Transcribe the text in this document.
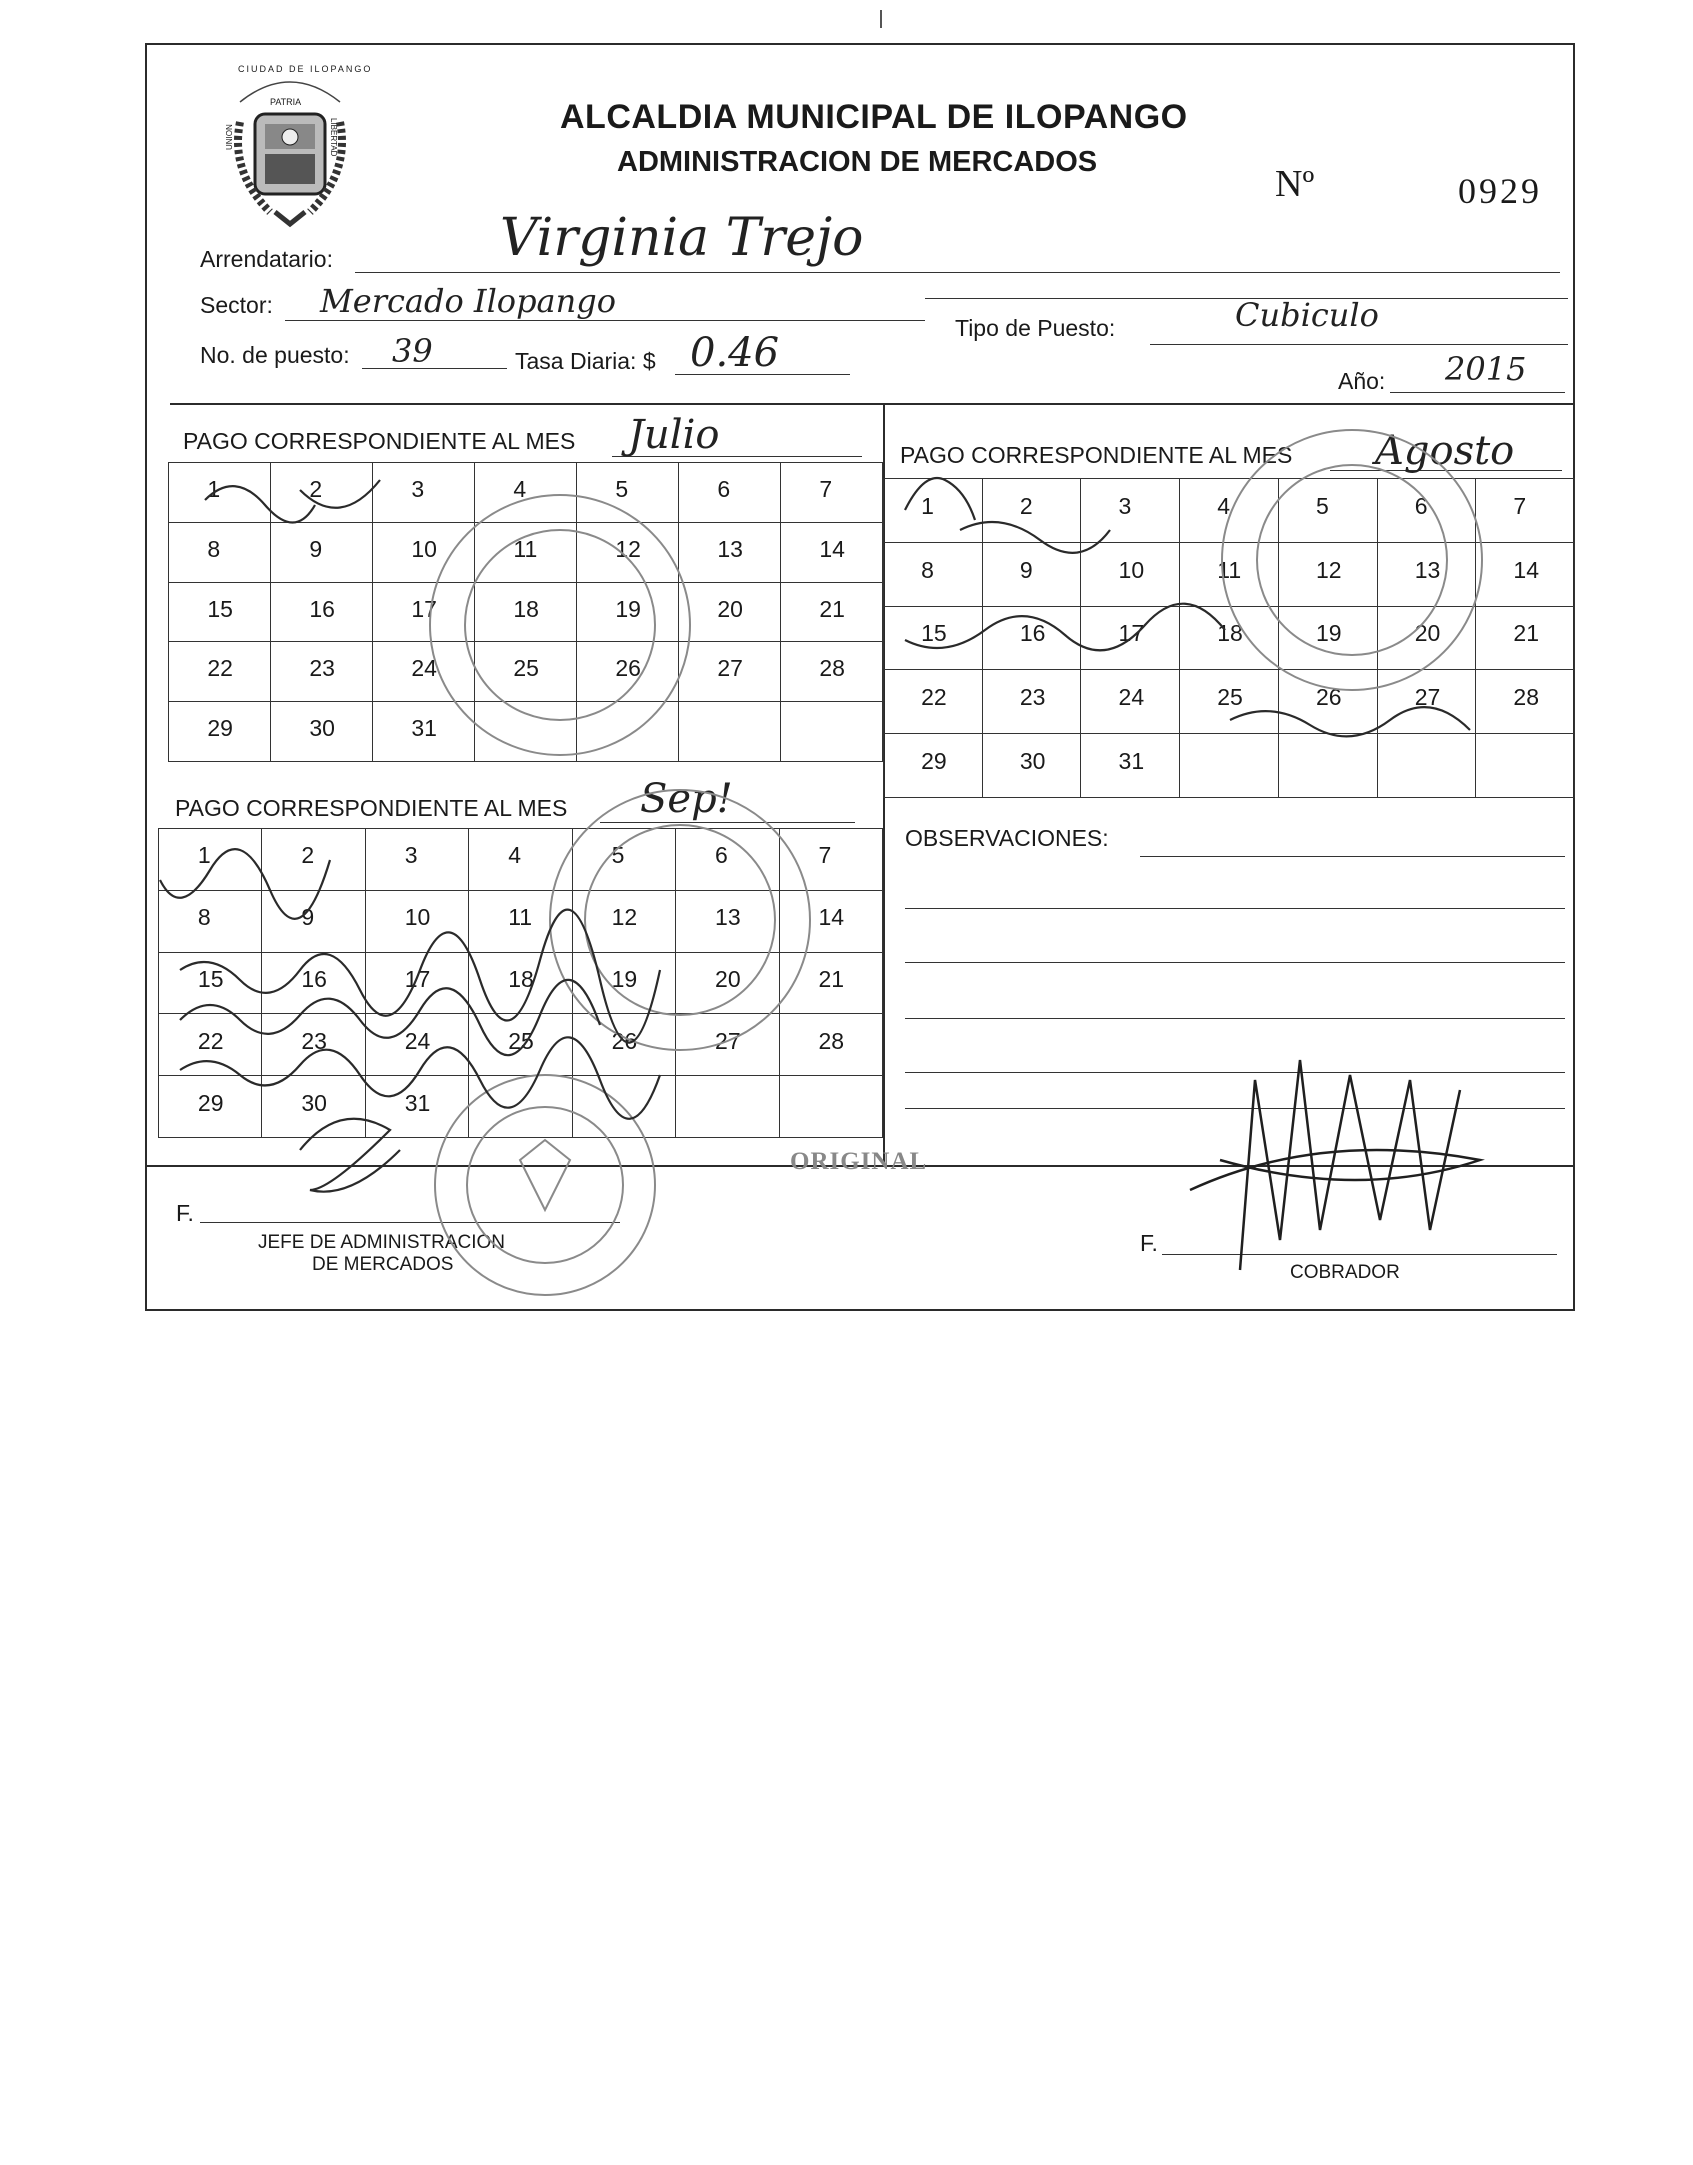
CIUDAD DE ILOPANGO
PATRIA
UNION	LIBERTAD
ALCALDIA MUNICIPAL DE ILOPANGO
ADMINISTRACION DE MERCADOS
Nº	0929
Arrendatario:	Virginia Trejo
Sector: Mercado Ilopango
Tipo de Puesto:	Cubiculo
No. de puesto: 39	Tasa Diaria: $ 0.46
Año: 2015
PAGO CORRESPONDIENTE AL MES Julio
1	2	3	4	5	6	7
8	9	10	11	12	13	14
15	16	17	18	19	20	21
22	23	24	25	26	27	28
29	30	31
PAGO CORRESPONDIENTE AL MES Agosto
1	2	3	4	5	6	7
8	9	10	11	12	13	14
15	16	17	18	19	20	21
22	23	24	25	26	27	28
29	30	31
PAGO CORRESPONDIENTE AL MES Sep!
1	2	3	4	5	6	7
8	9	10	11	12	13	14
15	16	17	18	19	20	21
22	23	24	25	26	27	28
29	30	31
OBSERVACIONES:
ORIGINAL
F.
JEFE DE ADMINISTRACION
DE MERCADOS
F.
COBRADOR
